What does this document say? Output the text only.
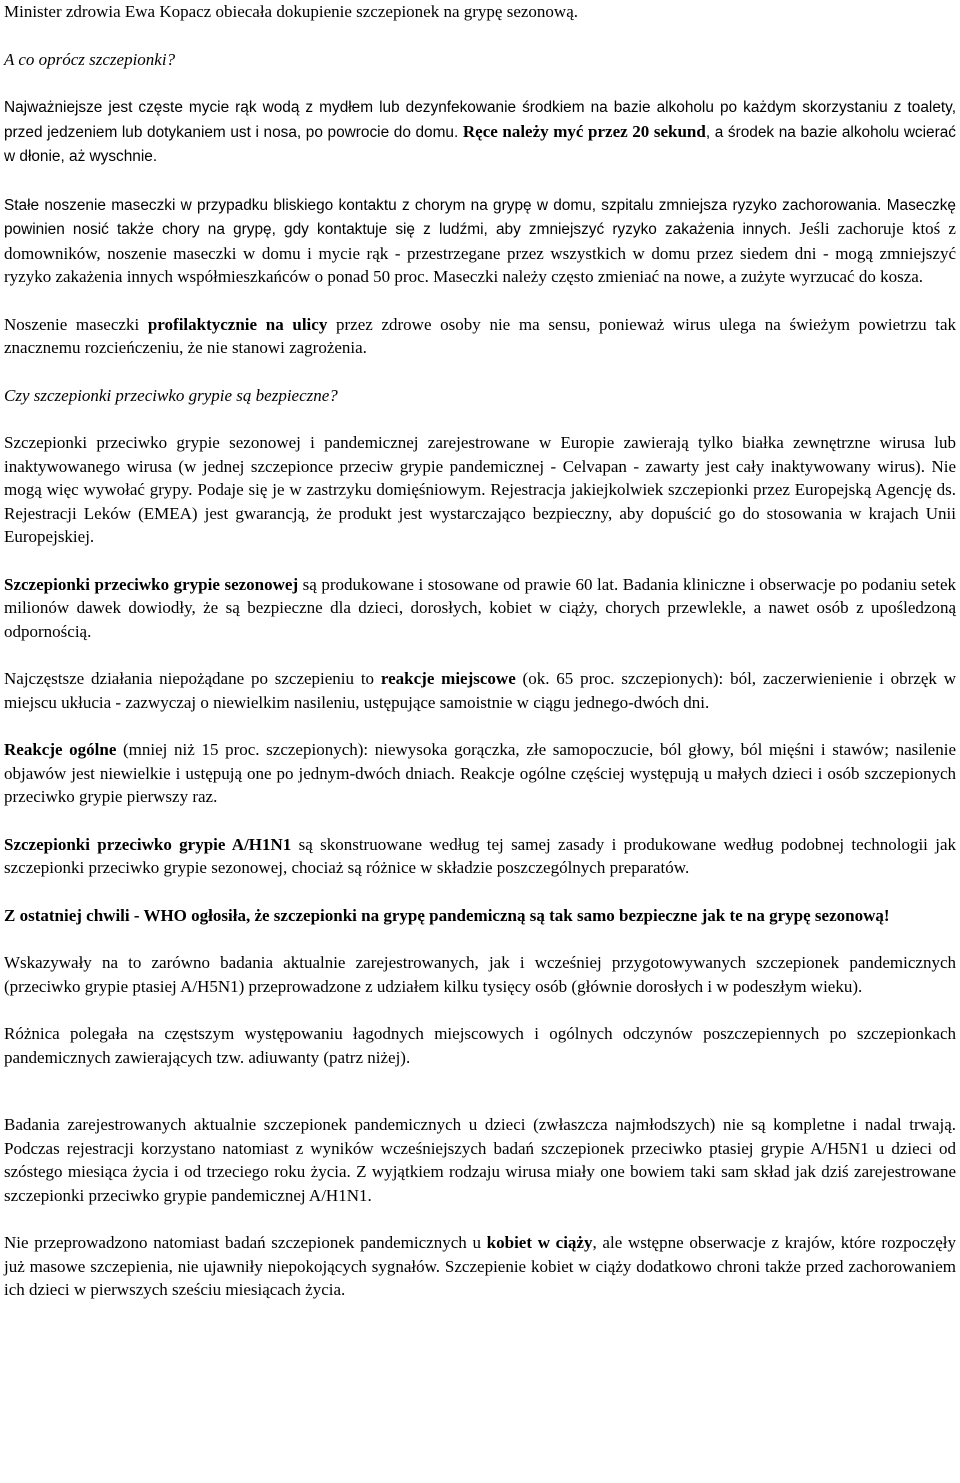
Minister zdrowia Ewa Kopacz obiecała dokupienie szczepionek na grypę sezonową.

A co oprócz szczepionki?

Najważniejsze jest częste mycie rąk wodą z mydłem lub dezynfekowanie środkiem na bazie alkoholu po każdym skorzystaniu z toalety, przed jedzeniem lub dotykaniem ust i nosa, po powrocie do domu. Ręce należy myć przez 20 sekund, a środek na bazie alkoholu wcierać w dłonie, aż wyschnie.

Stałe noszenie maseczki w przypadku bliskiego kontaktu z chorym na grypę w domu, szpitalu zmniejsza ryzyko zachorowania. Maseczkę powinien nosić także chory na grypę, gdy kontaktuje się z ludźmi, aby zmniejszyć ryzyko zakażenia innych. Jeśli zachoruje ktoś z domowników, noszenie maseczki w domu i mycie rąk - przestrzegane przez wszystkich w domu przez siedem dni - mogą zmniejszyć ryzyko zakażenia innych współmieszkańców o ponad 50 proc. Maseczki należy często zmieniać na nowe, a zużyte wyrzucać do kosza.

Noszenie maseczki profilaktycznie na ulicy przez zdrowe osoby nie ma sensu, ponieważ wirus ulega na świeżym powietrzu tak znacznemu rozcieńczeniu, że nie stanowi zagrożenia.

Czy szczepionki przeciwko grypie są bezpieczne?

Szczepionki przeciwko grypie sezonowej i pandemicznej zarejestrowane w Europie zawierają tylko białka zewnętrzne wirusa lub inaktywowanego wirusa (w jednej szczepionce przeciw grypie pandemicznej - Celvapan - zawarty jest cały inaktywowany wirus). Nie mogą więc wywołać grypy. Podaje się je w zastrzyku domięśniowym. Rejestracja jakiejkolwiek szczepionki przez Europejską Agencję ds. Rejestracji Leków (EMEA) jest gwarancją, że produkt jest wystarczająco bezpieczny, aby dopuścić go do stosowania w krajach Unii Europejskiej.

Szczepionki przeciwko grypie sezonowej są produkowane i stosowane od prawie 60 lat. Badania kliniczne i obserwacje po podaniu setek milionów dawek dowiodły, że są bezpieczne dla dzieci, dorosłych, kobiet w ciąży, chorych przewlekle, a nawet osób z upośledzoną odpornością.

Najczęstsze działania niepożądane po szczepieniu to reakcje miejscowe (ok. 65 proc. szczepionych): ból, zaczerwienienie i obrzęk w miejscu ukłucia - zazwyczaj o niewielkim nasileniu, ustępujące samoistnie w ciągu jednego-dwóch dni.

Reakcje ogólne (mniej niż 15 proc. szczepionych): niewysoka gorączka, złe samopoczucie, ból głowy, ból mięśni i stawów; nasilenie objawów jest niewielkie i ustępują one po jednym-dwóch dniach. Reakcje ogólne częściej występują u małych dzieci i osób szczepionych przeciwko grypie pierwszy raz.

Szczepionki przeciwko grypie A/H1N1 są skonstruowane według tej samej zasady i produkowane według podobnej technologii jak szczepionki przeciwko grypie sezonowej, chociaż są różnice w składzie poszczególnych preparatów.

Z ostatniej chwili - WHO ogłosiła, że szczepionki na grypę pandemiczną są tak samo bezpieczne jak te na grypę sezonową!

Wskazywały na to zarówno badania aktualnie zarejestrowanych, jak i wcześniej przygotowywanych szczepionek pandemicznych (przeciwko grypie ptasiej A/H5N1) przeprowadzone z udziałem kilku tysięcy osób (głównie dorosłych i w podeszłym wieku).

Różnica polegała na częstszym występowaniu łagodnych miejscowych i ogólnych odczynów poszczepiennych po szczepionkach pandemicznych zawierających tzw. adiuwanty (patrz niżej).

Badania zarejestrowanych aktualnie szczepionek pandemicznych u dzieci (zwłaszcza najmłodszych) nie są kompletne i nadal trwają. Podczas rejestracji korzystano natomiast z wyników wcześniejszych badań szczepionek przeciwko ptasiej grypie A/H5N1 u dzieci od szóstego miesiąca życia i od trzeciego roku życia. Z wyjątkiem rodzaju wirusa miały one bowiem taki sam skład jak dziś zarejestrowane szczepionki przeciwko grypie pandemicznej A/H1N1.

Nie przeprowadzono natomiast badań szczepionek pandemicznych u kobiet w ciąży, ale wstępne obserwacje z krajów, które rozpoczęły już masowe szczepienia, nie ujawniły niepokojących sygnałów. Szczepienie kobiet w ciąży dodatkowo chroni także przed zachorowaniem ich dzieci w pierwszych sześciu miesiącach życia.
